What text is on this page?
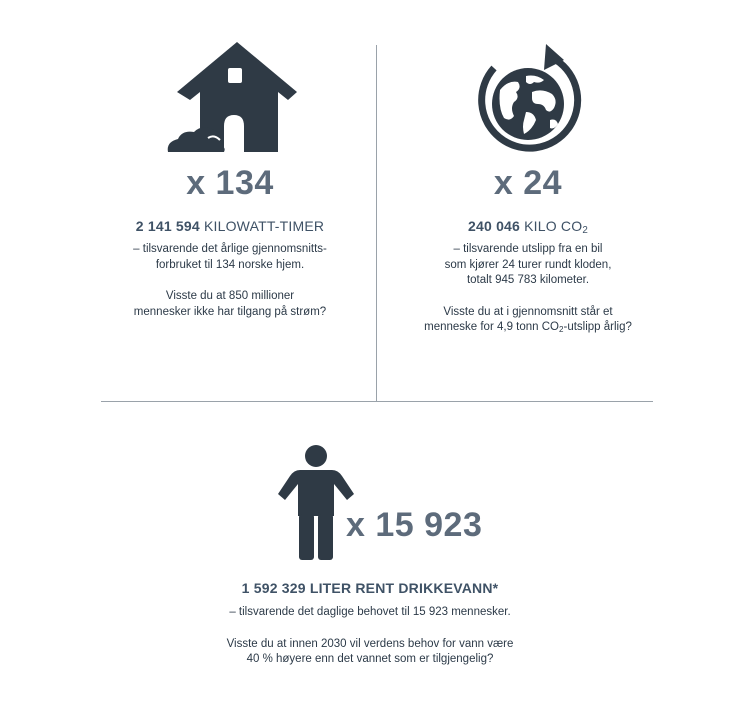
x 134
2 141 594 KILOWATT-TIMER

– tilsvarende det årlige gjennomsnitts-

forbruket til 134 norske hjem.

Visste du at 850 millioner

mennesker ikke har tilgang på strøm?

x 24
240 046 KILO $CO_2$

– tilsvarende utslipp fra en bil

som kjører 24 turer rundt kloden,

totalt 945 783 kilometer.

Visste du at i gjennomsnitt står et

menneske for 4,9 tonn $CO_2$-utslipp årlig?

x 15 923
1 592 329 LITER RENT DRIKKEVANN*

– tilsvarende det daglige behovet til 15 923 mennesker.

Visste du at innen 2030 vil verdens behov for vann være

40 % høyere enn det vannet som er tilgjengelig?
